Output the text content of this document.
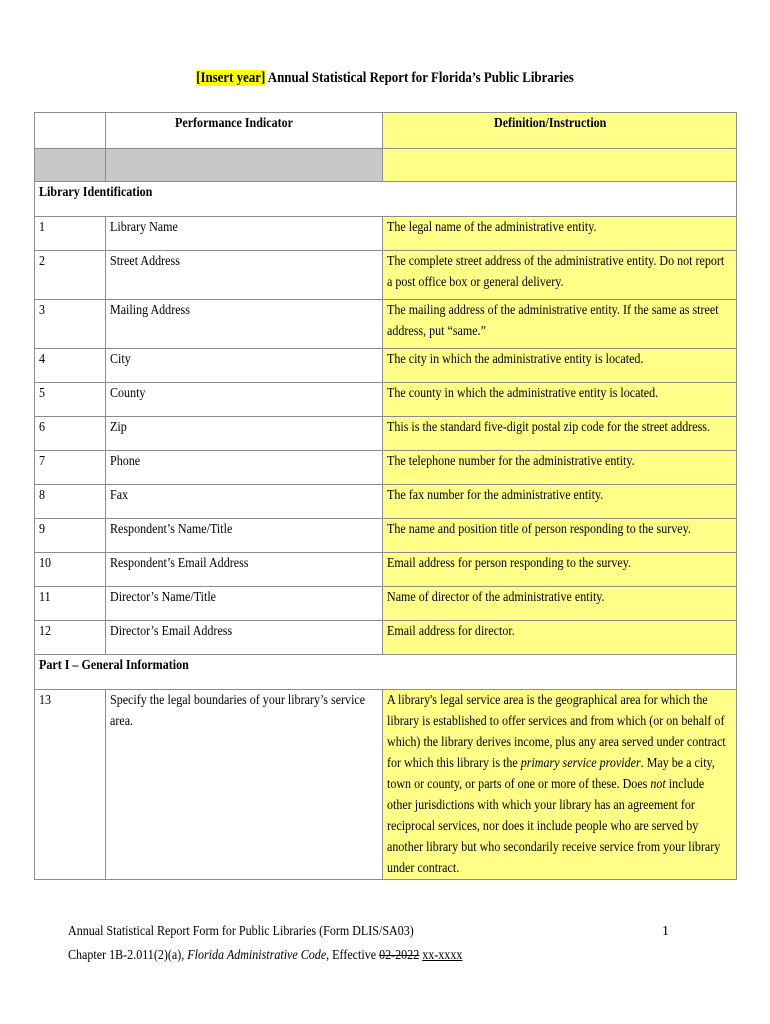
[Insert year] Annual Statistical Report for Florida’s Public Libraries
	Performance Indicator	Definition/Instruction

Library Identification		
1	Library Name	The legal name of the administrative entity.

2	Street Address	The complete street address of the administrative entity. Do not report a post office box or general delivery.

3	Mailing Address	The mailing address of the administrative entity. If the same as street address, put “same.”

4	City	The city in which the administrative entity is located.

5	County	The county in which the administrative entity is located.

6	Zip	This is the standard five-digit postal zip code for the street address.

7	Phone	The telephone number for the administrative entity.

8	Fax	The fax number for the administrative entity.

9	Respondent’s Name/Title	The name and position title of person responding to the survey.

10	Respondent’s Email Address	Email address for person responding to the survey.

11	Director’s Name/Title	Name of director of the administrative entity.

12	Director’s Email Address	Email address for director.

Part I – General Information		
13	Specify the legal boundaries of your library’s service area.	A library's legal service area is the geographical area for which the library is established to offer services and from which (or on behalf of which) the library derives income, plus any area served under contract for which this library is the primary service provider. May be a city, town or county, or parts of one or more of these. Does not include other jurisdictions with which your library has an agreement for reciprocal services, nor does it include people who are served by another library but who secondarily receive service from your library under contract.
Annual Statistical Report Form for Public Libraries (Form DLIS/SA03)
Chapter 1B-2.011(2)(a), Florida Administrative Code, Effective 02-2022 xx-xxxx
1
